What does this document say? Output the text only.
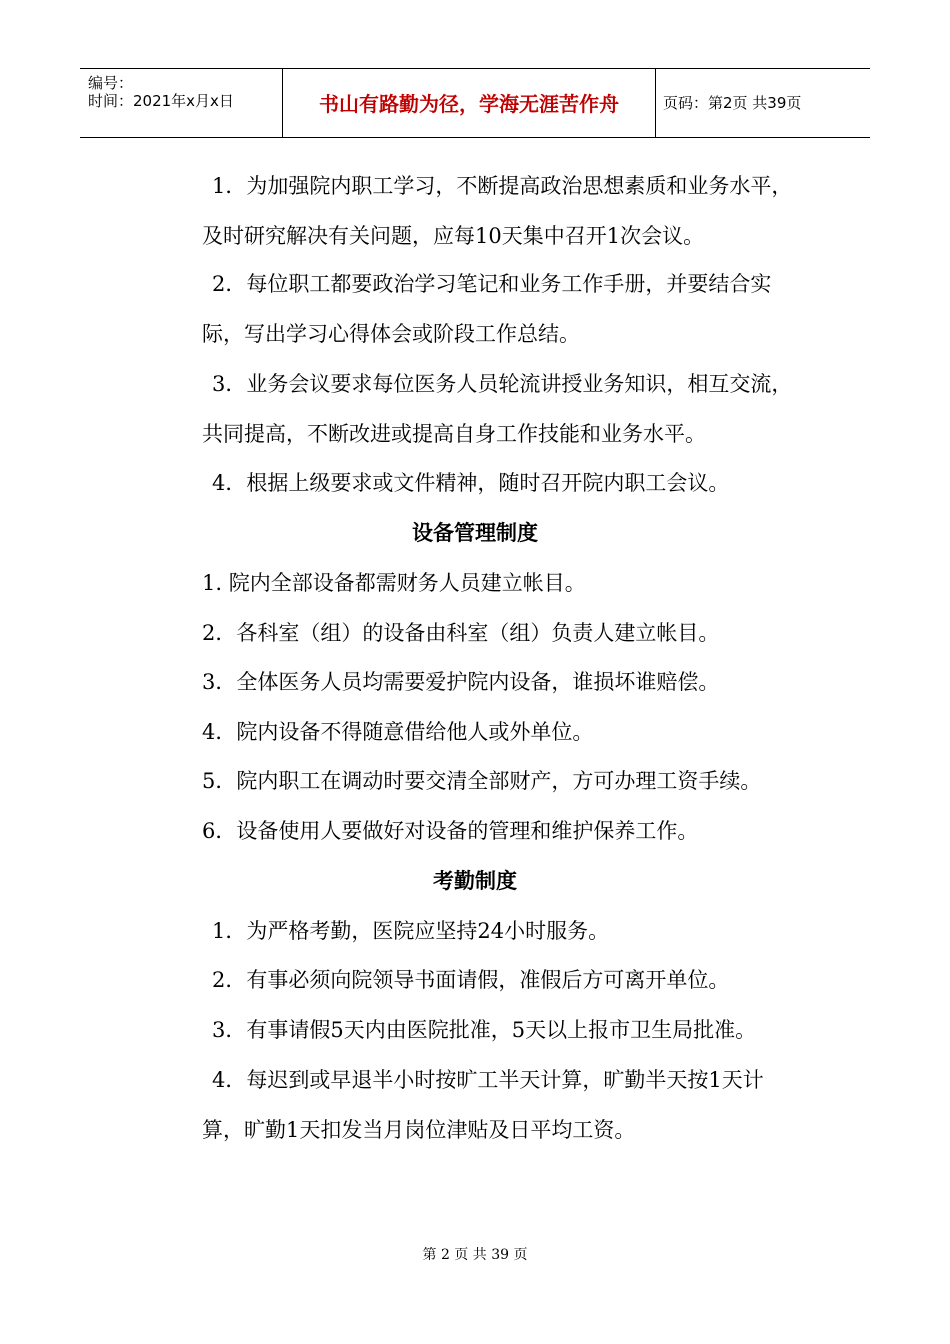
编号：
时间：2021年x月x日	书山有路勤为径，学海无涯苦作舟	页码：第2页 共39页
1．为加强院内职工学习，不断提高政治思想素质和业务水平，
及时研究解决有关问题，应每10天集中召开1次会议。
2．每位职工都要政治学习笔记和业务工作手册，并要结合实
际，写出学习心得体会或阶段工作总结。
3．业务会议要求每位医务人员轮流讲授业务知识，相互交流，
共同提高，不断改进或提高自身工作技能和业务水平。
4．根据上级要求或文件精神，随时召开院内职工会议。
设备管理制度
1. 院内全部设备都需财务人员建立帐目。
2．各科室（组）的设备由科室（组）负责人建立帐目。
3．全体医务人员均需要爱护院内设备，谁损坏谁赔偿。
4．院内设备不得随意借给他人或外单位。
5．院内职工在调动时要交清全部财产，方可办理工资手续。
6．设备使用人要做好对设备的管理和维护保养工作。
考勤制度
1．为严格考勤，医院应坚持24小时服务。
2．有事必须向院领导书面请假，准假后方可离开单位。
3．有事请假5天内由医院批准，5天以上报市卫生局批准。
4．每迟到或早退半小时按旷工半天计算，旷勤半天按1天计
算，旷勤1天扣发当月岗位津贴及日平均工资。
第 2 页 共 39 页
